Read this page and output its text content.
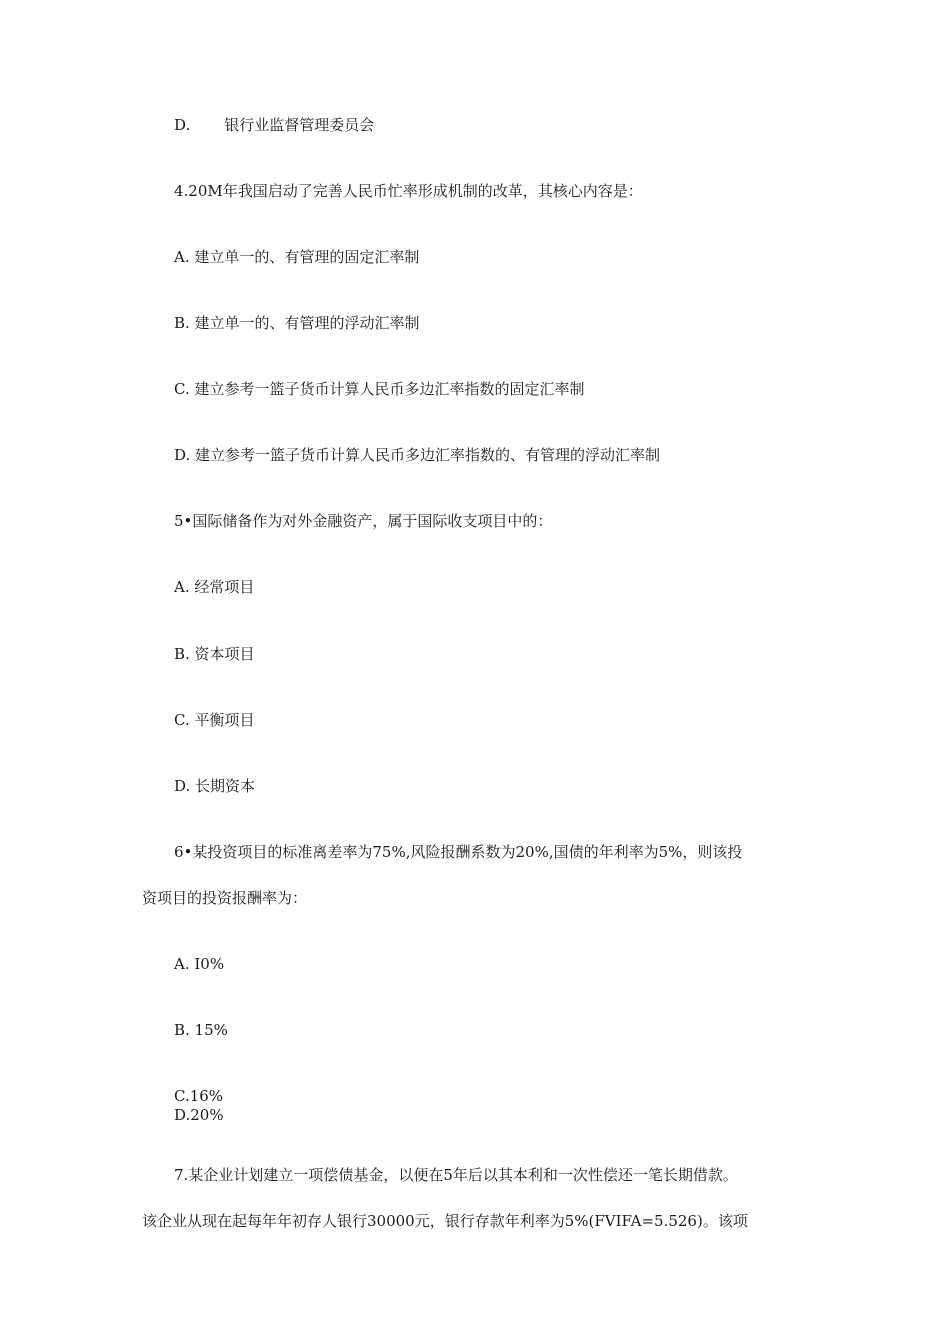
D. 银行业监督管理委员会
4.20M年我国启动了完善人民币忙率形成机制的改革，其核心内容是：
A. 建立单一的、有管理的固定汇率制
B. 建立单一的、有管理的浮动汇率制
C. 建立参考一篮子货币计算人民币多边汇率指数的固定汇率制
D. 建立参考一篮子货币计算人民币多边汇率指数的、有管理的浮动汇率制
5•国际储备作为对外金融资产，属于国际收支项目中的：
A. 经常项目
B. 资本项目
C. 平衡项目
D. 长期资本
6•某投资项目的标准离差率为75%,风险报酬系数为20%,国债的年利率为5%，则该投
资项目的投资报酬率为：
A. I0%
B. 15%
C.16%
D.20%
7.某企业计划建立一项偿债基金，以便在5年后以其本利和一次性偿还一笔长期借款。
该企业从现在起每年年初存人银行30000元，银行存款年利率为5%(FVIFA=5.526)。该项
